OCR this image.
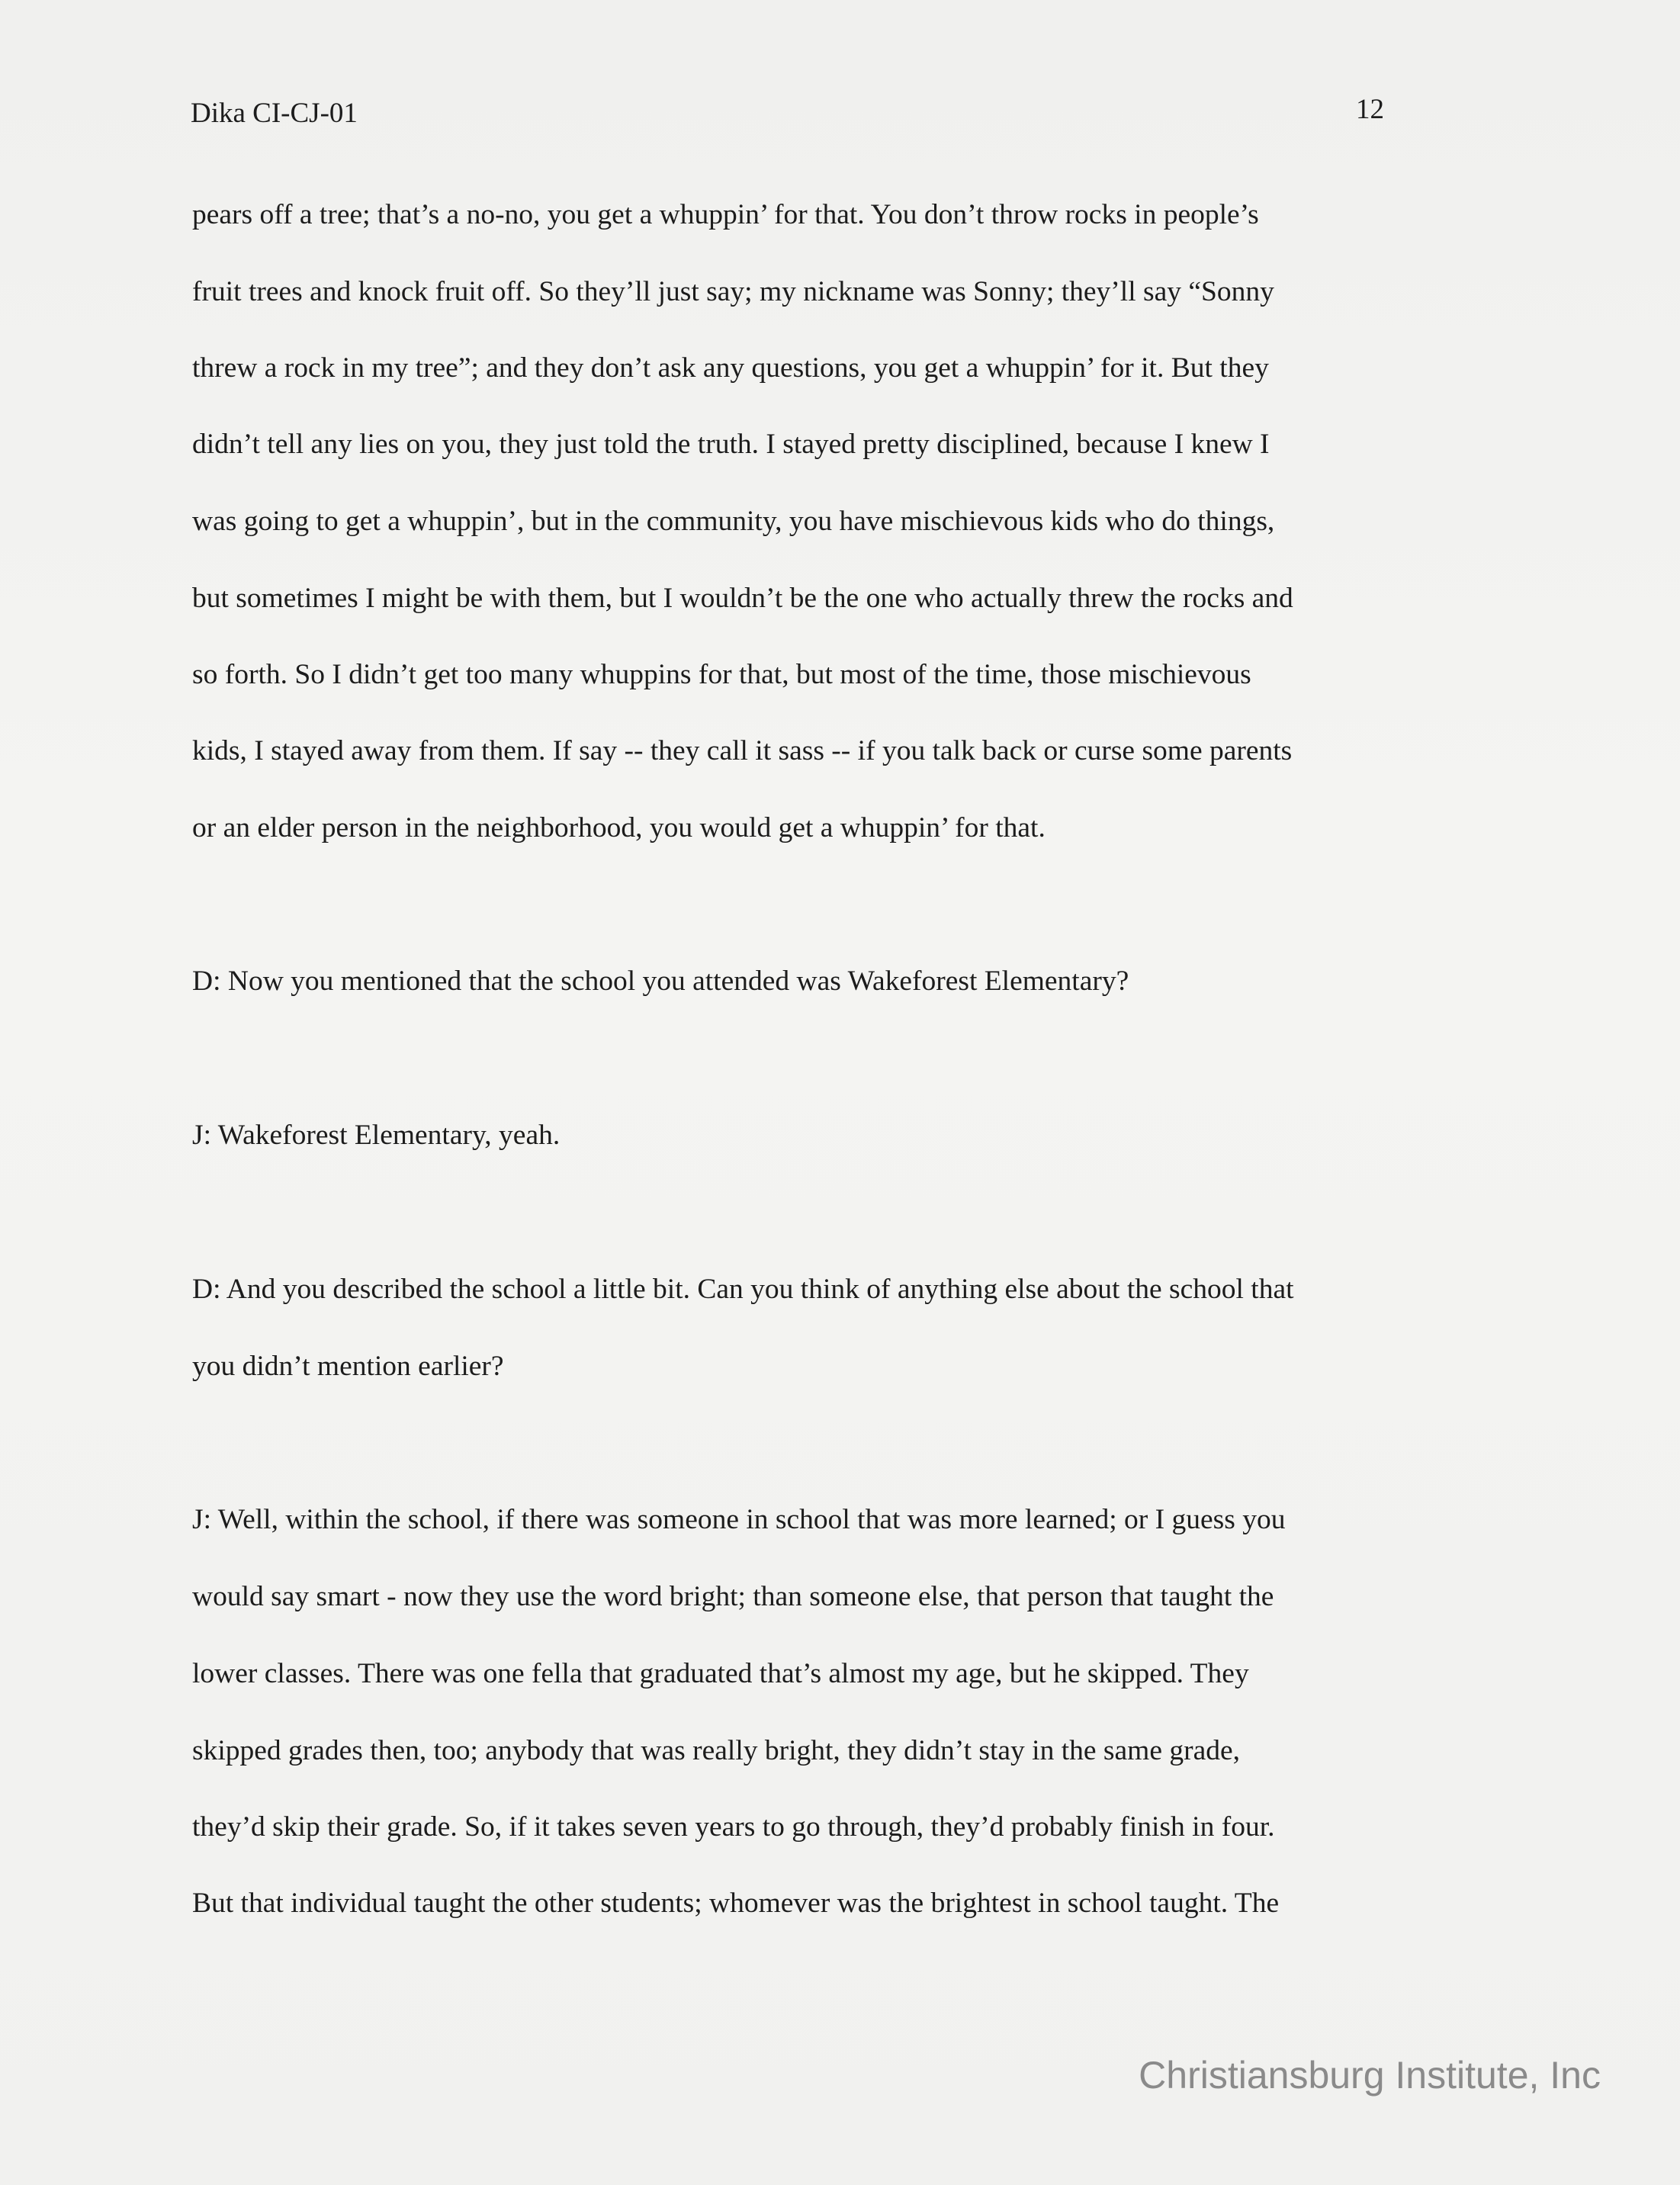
Dika CI-CJ-01	12
pears off a tree; that’s a no-no, you get a whuppin’ for that. You don’t throw rocks in people’s
fruit trees and knock fruit off. So they’ll just say; my nickname was Sonny; they’ll say “Sonny
threw a rock in my tree”; and they don’t ask any questions, you get a whuppin’ for it. But they
didn’t tell any lies on you, they just told the truth. I stayed pretty disciplined, because I knew I
was going to get a whuppin’, but in the community, you have mischievous kids who do things,
but sometimes I might be with them, but I wouldn’t be the one who actually threw the rocks and
so forth. So I didn’t get too many whuppins for that, but most of the time, those mischievous
kids, I stayed away from them. If say -- they call it sass -- if you talk back or curse some parents
or an elder person in the neighborhood, you would get a whuppin’ for that.
D: Now you mentioned that the school you attended was Wakeforest Elementary?
J: Wakeforest Elementary, yeah.
D: And you described the school a little bit. Can you think of anything else about the school that
you didn’t mention earlier?
J: Well, within the school, if there was someone in school that was more learned; or I guess you
would say smart - now they use the word bright; than someone else, that person that taught the
lower classes. There was one fella that graduated that’s almost my age, but he skipped. They
skipped grades then, too; anybody that was really bright, they didn’t stay in the same grade,
they’d skip their grade. So, if it takes seven years to go through, they’d probably finish in four.
But that individual taught the other students; whomever was the brightest in school taught. The
Christiansburg Institute, Inc
